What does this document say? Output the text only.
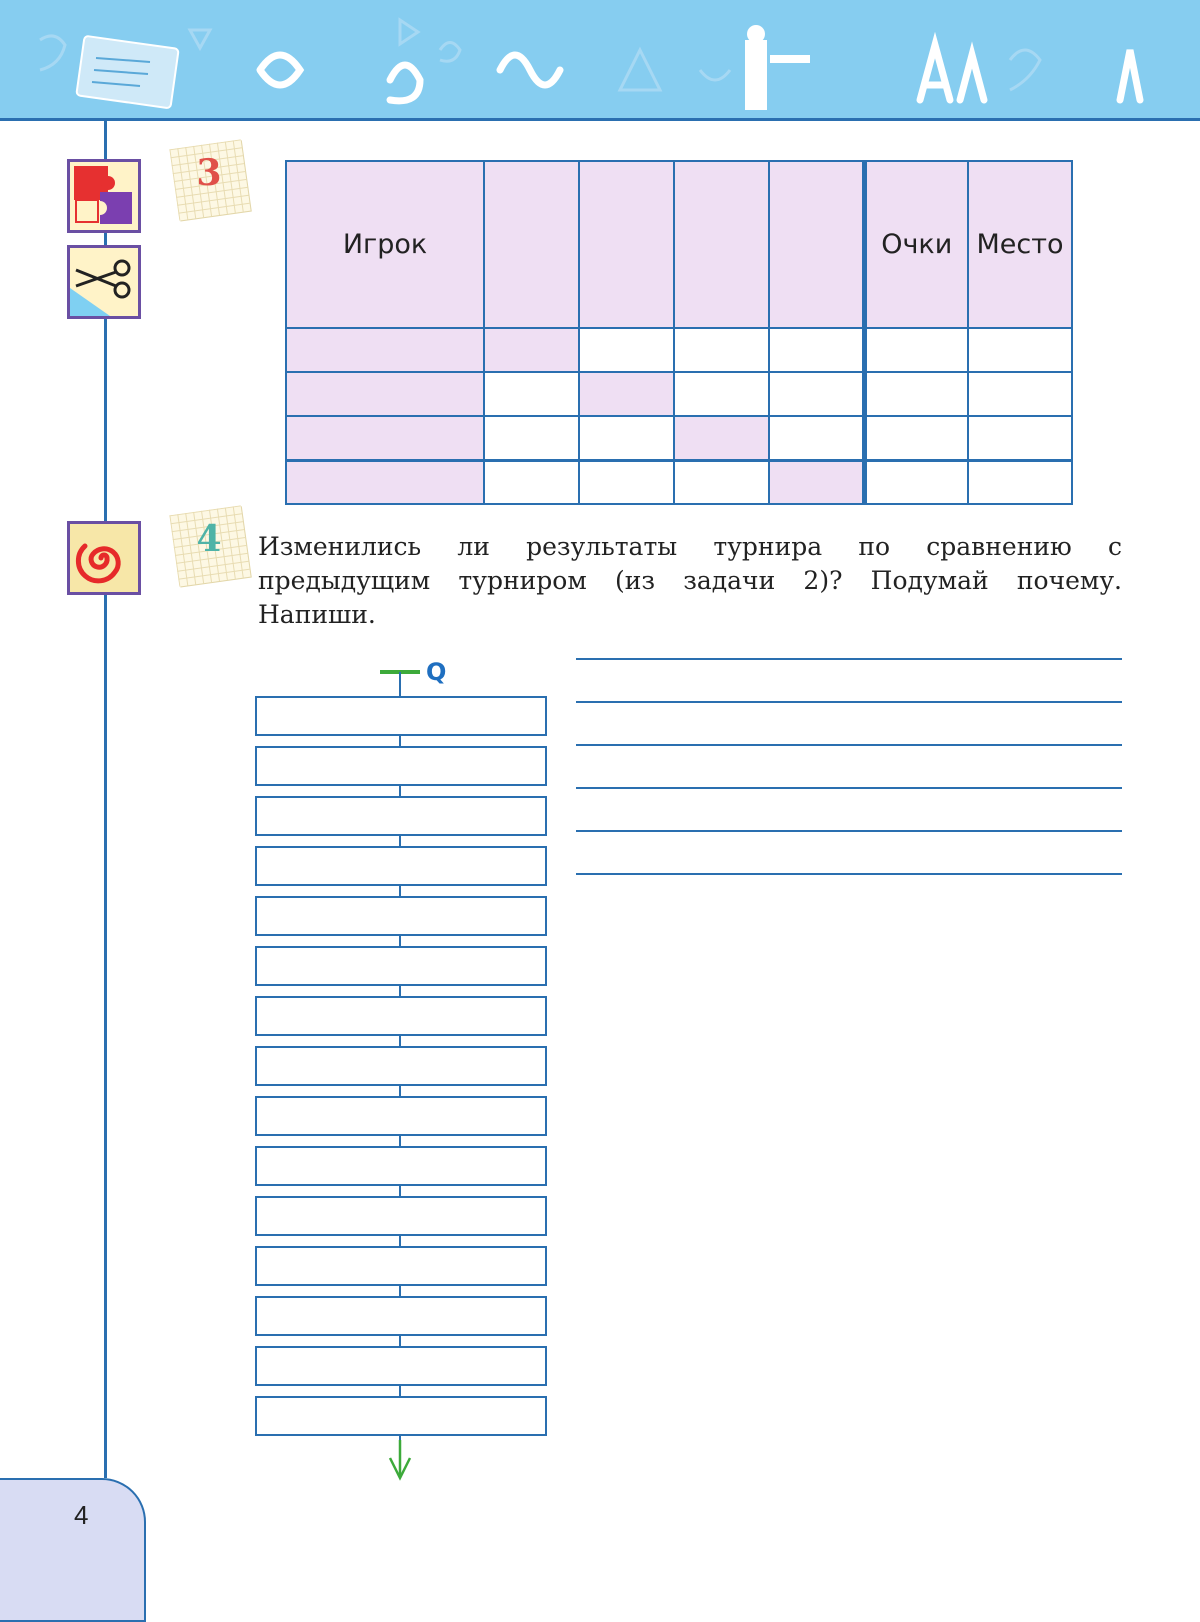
3
Игрок					Очки	Место

4	Изменились ли результаты турнира по сравнению с предыдущим турниром (из задачи 2)? Подумай почему. Напиши.
Q
4
